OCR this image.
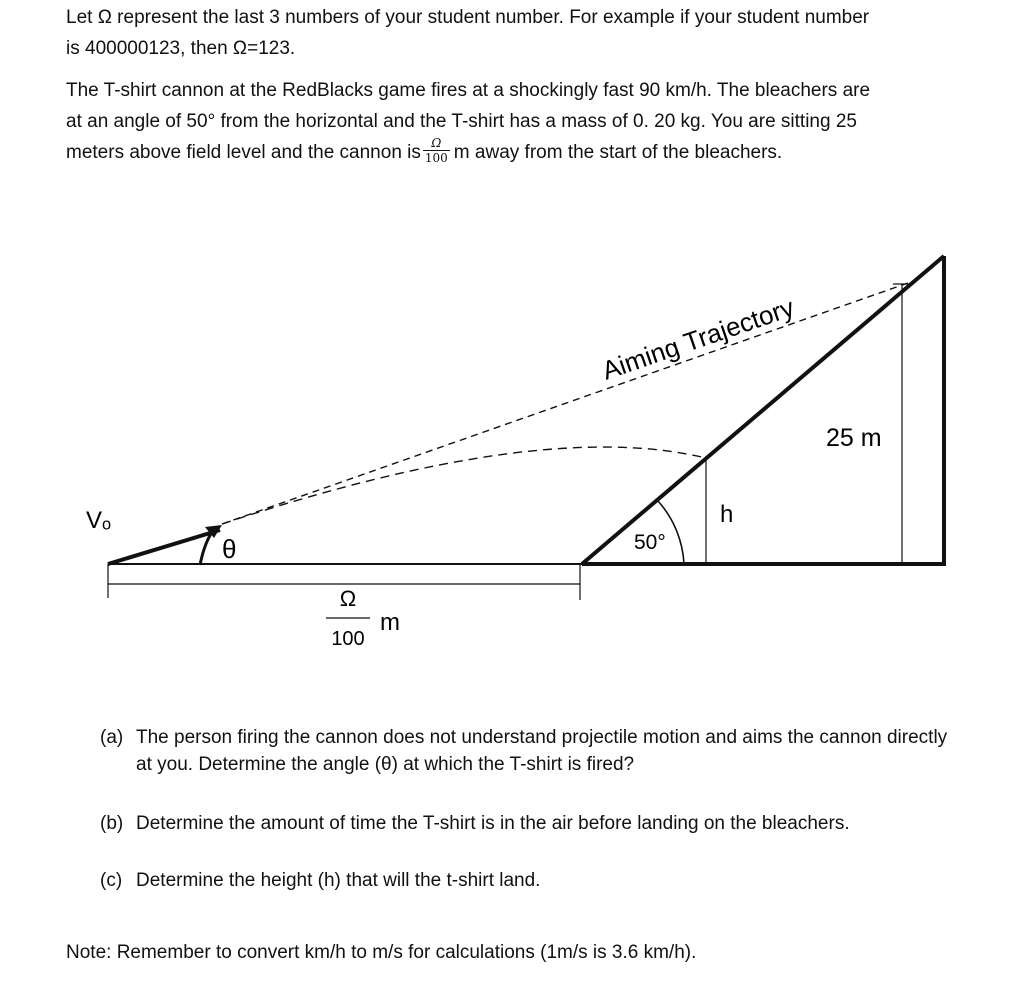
Let Ω represent the last 3 numbers of your student number. For example if your student number
is 400000123, then Ω=123.

The T-shirt cannon at the RedBlacks game fires at a shockingly fast 90 km/h. The bleachers are
at an angle of 50° from the horizontal and the T-shirt has a mass of 0. 20 kg. You are sitting 25
meters above field level and the cannon is $\frac{\Omega}{100}$ m away from the start of the bleachers.

Vₒ
θ
Aiming Trajectory
25 m
50°
h
Ω
100
m

(a) The person firing the cannon does not understand projectile motion and aims the cannon directly at you. Determine the angle (θ) at which the T-shirt is fired?

(b) Determine the amount of time the T-shirt is in the air before landing on the bleachers.

(c) Determine the height (h) that will the t-shirt land.

Note: Remember to convert km/h to m/s for calculations (1m/s is 3.6 km/h).
